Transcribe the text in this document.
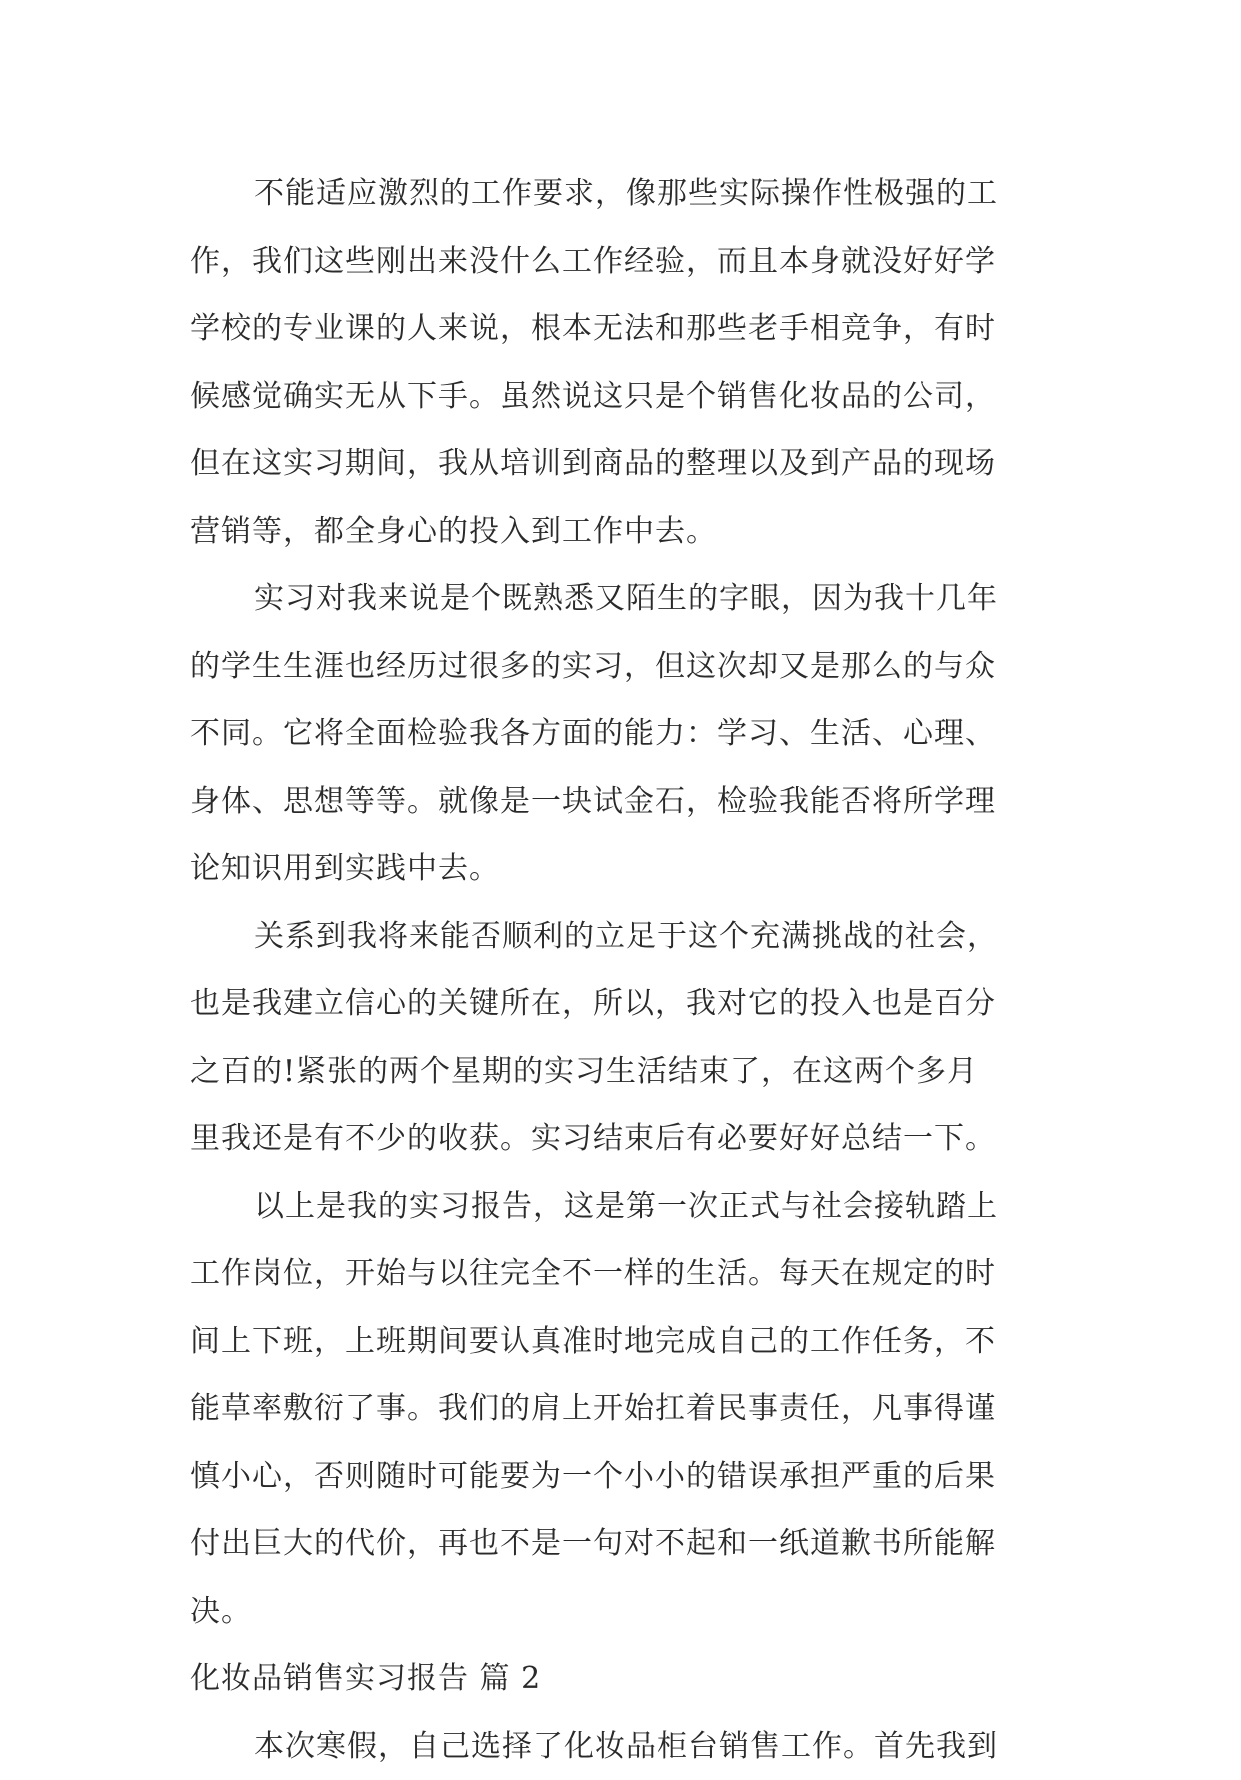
不能适应激烈的工作要求，像那些实际操作性极强的工
作，我们这些刚出来没什么工作经验，而且本身就没好好学
学校的专业课的人来说，根本无法和那些老手相竞争，有时
候感觉确实无从下手。虽然说这只是个销售化妆品的公司，
但在这实习期间，我从培训到商品的整理以及到产品的现场
营销等，都全身心的投入到工作中去。
实习对我来说是个既熟悉又陌生的字眼，因为我十几年
的学生生涯也经历过很多的实习，但这次却又是那么的与众
不同。它将全面检验我各方面的能力：学习、生活、心理、
身体、思想等等。就像是一块试金石，检验我能否将所学理
论知识用到实践中去。
关系到我将来能否顺利的立足于这个充满挑战的社会，
也是我建立信心的关键所在，所以，我对它的投入也是百分
之百的!紧张的两个星期的实习生活结束了，在这两个多月
里我还是有不少的收获。实习结束后有必要好好总结一下。
以上是我的实习报告，这是第一次正式与社会接轨踏上
工作岗位，开始与以往完全不一样的生活。每天在规定的时
间上下班，上班期间要认真准时地完成自己的工作任务，不
能草率敷衍了事。我们的肩上开始扛着民事责任，凡事得谨
慎小心，否则随时可能要为一个小小的错误承担严重的后果
付出巨大的代价，再也不是一句对不起和一纸道歉书所能解
决。
化妆品销售实习报告 篇 2
本次寒假，自己选择了化妆品柜台销售工作。首先我到
